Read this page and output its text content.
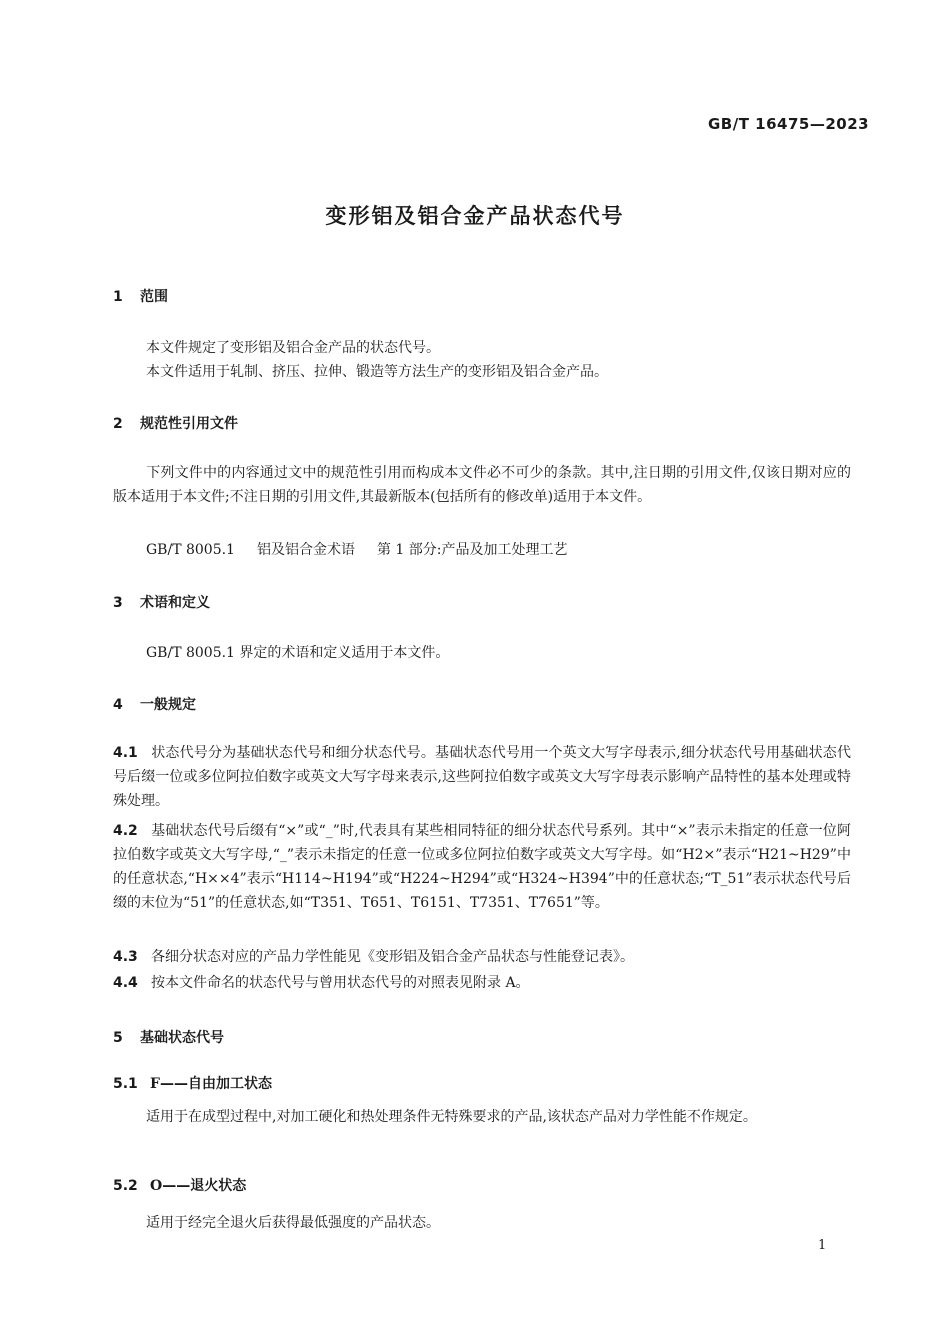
GB/T 16475—2023
变形铝及铝合金产品状态代号
1 范围
本文件规定了变形铝及铝合金产品的状态代号。
本文件适用于轧制、挤压、拉伸、锻造等方法生产的变形铝及铝合金产品。
2 规范性引用文件
下列文件中的内容通过文中的规范性引用而构成本文件必不可少的条款。其中,注日期的引用文件,仅该日期对应的版本适用于本文件;不注日期的引用文件,其最新版本(包括所有的修改单)适用于本文件。
GB/T 8005.1 铝及铝合金术语 第 1 部分:产品及加工处理工艺
3 术语和定义
GB/T 8005.1 界定的术语和定义适用于本文件。
4 一般规定
4.1 状态代号分为基础状态代号和细分状态代号。基础状态代号用一个英文大写字母表示,细分状态代号用基础状态代号后缀一位或多位阿拉伯数字或英文大写字母来表示,这些阿拉伯数字或英文大写字母表示影响产品特性的基本处理或特殊处理。
4.2 基础状态代号后缀有“×”或“_”时,代表具有某些相同特征的细分状态代号系列。其中“×”表示未指定的任意一位阿拉伯数字或英文大写字母,“_”表示未指定的任意一位或多位阿拉伯数字或英文大写字母。如“H2×”表示“H21~H29”中的任意状态,“H××4”表示“H114~H194”或“H224~H294”或“H324~H394”中的任意状态;“T_51”表示状态代号后缀的末位为“51”的任意状态,如“T351、T651、T6151、T7351、T7651”等。
4.3 各细分状态对应的产品力学性能见《变形铝及铝合金产品状态与性能登记表》。
4.4 按本文件命名的状态代号与曾用状态代号的对照表见附录 A。
5 基础状态代号
5.1 F——自由加工状态
适用于在成型过程中,对加工硬化和热处理条件无特殊要求的产品,该状态产品对力学性能不作规定。
5.2 O——退火状态
适用于经完全退火后获得最低强度的产品状态。
1
